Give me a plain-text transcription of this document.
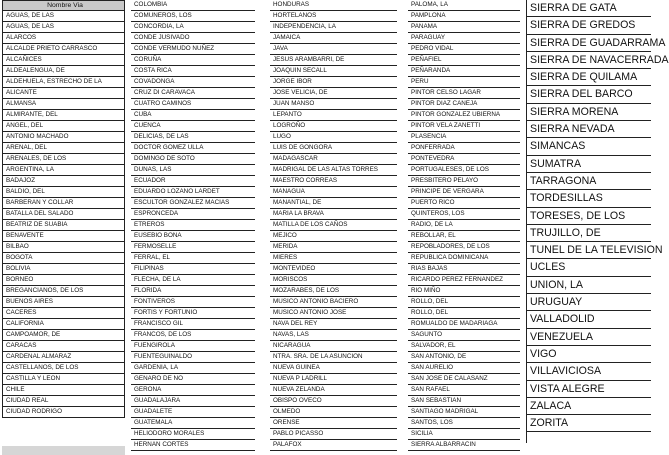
Nombre Via
AGUAS, DE LAS
AGUAS, DE LAS
ALARCOS
ALCALDE PRIETO CARRASCO
ALCAÑICES
ALDEALENGUA, DE
ALDEHUELA, ESTRECHO DE LA
ALICANTE
ALMANSA
ALMIRANTE, DEL
ANGEL, DEL
ANTONIO MACHADO
ARENAL, DEL
ARENALES, DE LOS
ARGENTINA, LA
BADAJOZ
BALDIO, DEL
BARBERAN Y COLLAR
BATALLA DEL SALADO
BEATRIZ DE SUABIA
BENAVENTE
BILBAO
BOGOTA
BOLIVIA
BORNEO
BREGANCIANOS, DE LOS
BUENOS AIRES
CACERES
CALIFORNIA
CAMPOAMOR, DE
CARACAS
CARDENAL ALMARAZ
CASTELLANOS, DE LOS
CASTILLA Y LEON
CHILE
CIUDAD REAL
CIUDAD RODRIGO
COLOMBIA
COMUNEROS, LOS
CONCORDIA, LA
CONDE JUSIVADO
CONDE VERMUDO NUÑEZ
CORUÑA
COSTA RICA
COVADONGA
CRUZ DI CARAVACA
CUATRO CAMINOS
CUBA
CUENCA
DELICIAS, DE LAS
DOCTOR GOMEZ ULLA
DOMINGO DE SOTO
DUNAS, LAS
ECUADOR
EDUARDO LOZANO LARDET
ESCULTOR GONZALEZ MACIAS
ESPRONCEDA
ETREROS
EUSEBIO BONA
FERMOSELLE
FERRAL, EL
FILIPINAS
FLECHA, DE LA
FLORIDA
FONTIVEROS
FORTIS Y FORTUNIO
FRANCISCO GIL
FRANCOS, DE LOS
FUENGIROLA
FUENTEGUINALDO
GARDENIA, LA
GENARO DE NO
GERONA
GUADALAJARA
GUADALETE
GUATEMALA
HELIODORO MORALES
HERNAN CORTES
HONDURAS
HORTELANOS
INDEPENDENCIA, LA
JAMAICA
JAVA
JESUS ARAMBARRI, DE
JOAQUIN SECALL
JORGE IBOR
JOSE VELICIA, DE
JUAN MANSO
LEPANTO
LOGROÑO
LUGO
LUIS DE GONGORA
MADAGASCAR
MADRIGAL DE LAS ALTAS TORRES
MAESTRO CORREAS
MANAGUA
MANANTIAL, DE
MARIA LA BRAVA
MATILLA DE LOS CAÑOS
MEJICO
MERIDA
MIERES
MONTEVIDEO
MORISCOS
MOZARABES, DE LOS
MUSICO ANTONIO BACIERO
MUSICO ANTONIO JOSE
NAVA DEL REY
NAVAS, LAS
NICARAGUA
NTRA. SRA. DE LA ASUNCION
NUEVA GUINEA
NUEVA P LADRILL
NUEVA ZELANDA
OBISPO OVECO
OLMEDO
ORENSE
PABLO PICASSO
PALAFOX
PALOMA, LA
PAMPLONA
PANAMA
PARAGUAY
PEDRO VIDAL
PEÑAFIEL
PEÑARANDA
PERU
PINTOR CELSO LAGAR
PINTOR DIAZ CANEJA
PINTOR GONZALEZ UBIERNA
PINTOR VELA ZANETTI
PLASENCIA
PONFERRADA
PONTEVEDRA
PORTUGALESES, DE LOS
PRESBITERO PELAYO
PRINCIPE DE VERGARA
PUERTO RICO
QUINTEROS, LOS
RADIO, DE LA
REBOLLAR, EL
REPOBLADORES, DE LOS
REPUBLICA DOMINICANA
RIAS BAJAS
RICARDO PEREZ FERNANDEZ
RIO MIÑO
ROLLO, DEL
ROLLO, DEL
ROMUALDO DE MADARIAGA
SAGUNTO
SALVADOR, EL
SAN ANTONIO, DE
SAN AURELIO
SAN JOSE DE CALASANZ
SAN RAFAEL
SAN SEBASTIAN
SANTIAGO MADRIGAL
SANTOS, LOS
SICILIA
SIERRA ALBARRACIN
SIERRA DE GATA
SIERRA DE GREDOS
SIERRA DE GUADARRAMA
SIERRA DE NAVACERRADA
SIERRA DE QUILAMA
SIERRA DEL BARCO
SIERRA MORENA
SIERRA NEVADA
SIMANCAS
SUMATRA
TARRAGONA
TORDESILLAS
TORESES, DE LOS
TRUJILLO, DE
TUNEL DE LA TELEVISION
UCLES
UNION, LA
URUGUAY
VALLADOLID
VENEZUELA
VIGO
VILLAVICIOSA
VISTA ALEGRE
ZALACA
ZORITA
